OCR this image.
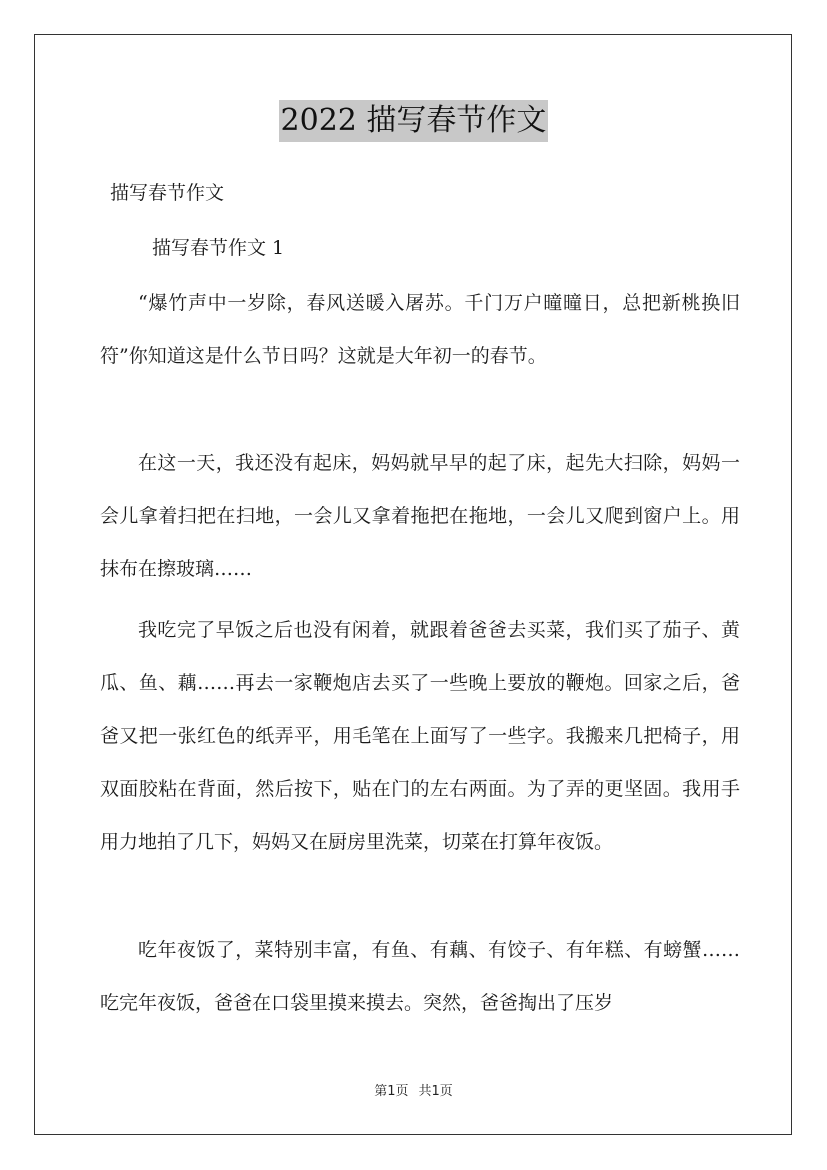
2022 描写春节作文

描写春节作文

描写春节作文 1

“爆竹声中一岁除，春风送暖入屠苏。千门万户曈曈日，总把新桃换旧符”你知道这是什么节日吗？这就是大年初一的春节。

在这一天，我还没有起床，妈妈就早早的起了床，起先大扫除，妈妈一会儿拿着扫把在扫地，一会儿又拿着拖把在拖地，一会儿又爬到窗户上。用抹布在擦玻璃……

我吃完了早饭之后也没有闲着，就跟着爸爸去买菜，我们买了茄子、黄瓜、鱼、藕……再去一家鞭炮店去买了一些晚上要放的鞭炮。回家之后，爸爸又把一张红色的纸弄平，用毛笔在上面写了一些字。我搬来几把椅子，用双面胶粘在背面，然后按下，贴在门的左右两面。为了弄的更坚固。我用手用力地拍了几下，妈妈又在厨房里洗菜，切菜在打算年夜饭。

吃年夜饭了，菜特别丰富，有鱼、有藕、有饺子、有年糕、有螃蟹……吃完年夜饭，爸爸在口袋里摸来摸去。突然，爸爸掏出了压岁

第1页 共1页
